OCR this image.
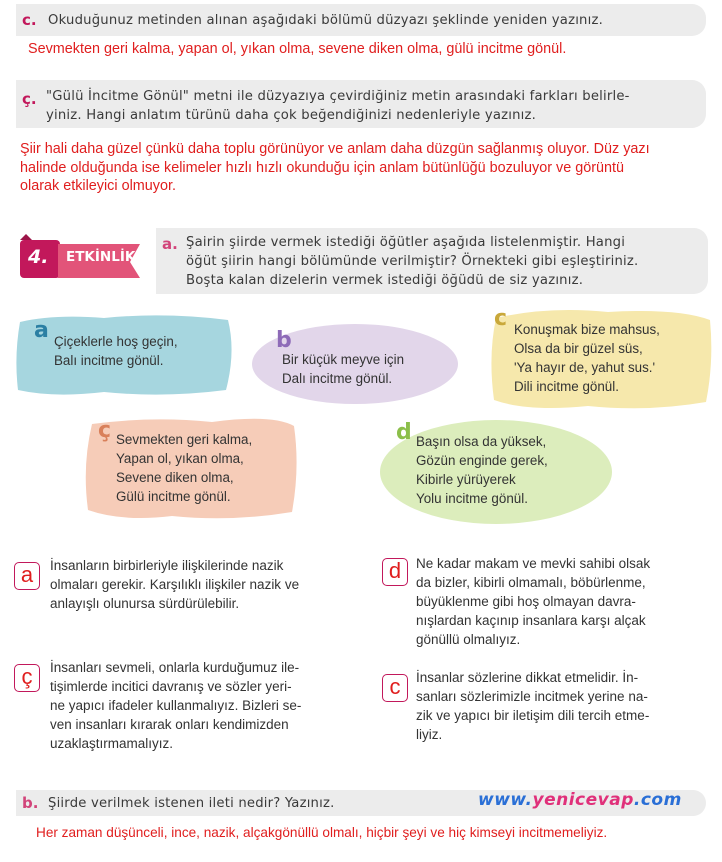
c. Okuduğunuz metinden alınan aşağıdaki bölümü düzyazı şeklinde yeniden yazınız.
Sevmekten geri kalma, yapan ol, yıkan olma, sevene diken olma, gülü incitme gönül.
ç. "Gülü İncitme Gönül" metni ile düzyazıya çevirdiğiniz metin arasındaki farkları belirle-
yiniz. Hangi anlatım türünü daha çok beğendiğinizi nedenleriyle yazınız.
Şiir hali daha güzel çünkü daha toplu görünüyor ve anlam daha düzgün sağlanmış oluyor. Düz yazı
halinde olduğunda ise kelimeler hızlı hızlı okunduğu için anlam bütünlüğü bozuluyor ve görüntü
olarak etkileyici olmuyor.
4. ETKİNLİK
a. Şairin şiirde vermek istediği öğütler aşağıda listelenmiştir. Hangi
öğüt şiirin hangi bölümünde verilmiştir? Örnekteki gibi eşleştiriniz.
Boşta kalan dizelerin vermek istediği öğüdü de siz yazınız.
a Çiçeklerle hoş geçin,
Balı incitme gönül.
b
Bir küçük meyve için
Dalı incitme gönül.
c Konuşmak bize mahsus,
Olsa da bir güzel süs,
'Ya hayır de, yahut sus.'
Dili incitme gönül.
ç Sevmekten geri kalma,
Yapan ol, yıkan olma,
Sevene diken olma,
Gülü incitme gönül.
d Başın olsa da yüksek,
Gözün enginde gerek,
Kibirle yürüyerek
Yolu incitme gönül.
a	İnsanların birbirleriyle ilişkilerinde nazik
olmaları gerekir. Karşılıklı ilişkiler nazik ve
anlayışlı olunursa sürdürülebilir.
d	Ne kadar makam ve mevki sahibi olsak
da bizler, kibirli olmamalı, böbürlenme,
büyüklenme gibi hoş olmayan davra-
nışlardan kaçınıp insanlara karşı alçak
gönüllü olmalıyız.
ç	İnsanları sevmeli, onlarla kurduğumuz ile-
tişimlerde incitici davranış ve sözler yeri-
ne yapıcı ifadeler kullanmalıyız. Bizleri se-
ven insanları kırarak onları kendimizden
uzaklaştırmamalıyız.
c	İnsanlar sözlerine dikkat etmelidir. İn-
sanları sözlerimizle incitmek yerine na-
zik ve yapıcı bir iletişim dili tercih etme-
liyiz.
b. Şiirde verilmek istenen ileti nedir? Yazınız.	www.yenicevap.com
Her zaman düşünceli, ince, nazik, alçakgönüllü olmalı, hiçbir şeyi ve hiç kimseyi incitmemeliyiz.
